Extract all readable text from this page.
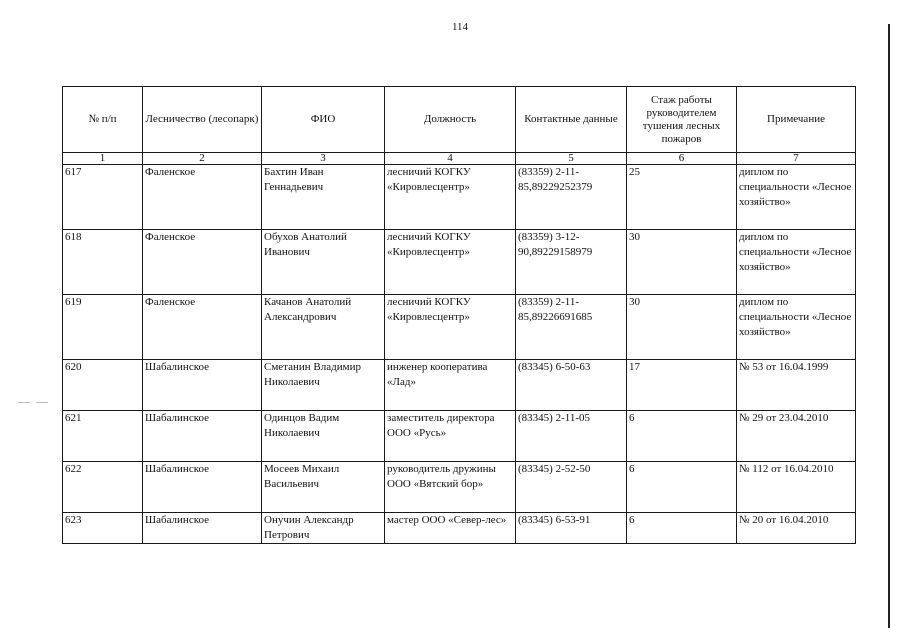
114
№ п/п	Лесничество (лесопарк)	ФИО	Должность	Контактные данные	Стаж работы руководителем тушения лесных пожаров	Примечание
1	2	3	4	5	6	7
617	Фаленское	Бахтин Иван Геннадьевич	лесничий КОГКУ «Кировлесцентр»	(83359) 2-11-85,89229252379	25	диплом по специальности «Лесное хозяйство»
618	Фаленское	Обухов Анатолий Иванович	лесничий КОГКУ «Кировлесцентр»	(83359) 3-12-90,89229158979	30	диплом по специальности «Лесное хозяйство»
619	Фаленское	Качанов Анатолий Александрович	лесничий КОГКУ «Кировлесцентр»	(83359) 2-11-85,89226691685	30	диплом по специальности «Лесное хозяйство»
620	Шабалинское	Сметанин Владимир Николаевич	инженер кооператива «Лад»	(83345) 6-50-63	17	№ 53 от 16.04.1999
621	Шабалинское	Одинцов Вадим Николаевич	заместитель директора ООО «Русь»	(83345) 2-11-05	6	№ 29 от 23.04.2010
622	Шабалинское	Мосеев Михаил Васильевич	руководитель дружины ООО «Вятский бор»	(83345) 2-52-50	6	№ 112 от 16.04.2010
623	Шабалинское	Онучин Александр Петрович	мастер ООО «Север-лес»	(83345) 6-53-91	6	№ 20 от 16.04.2010
